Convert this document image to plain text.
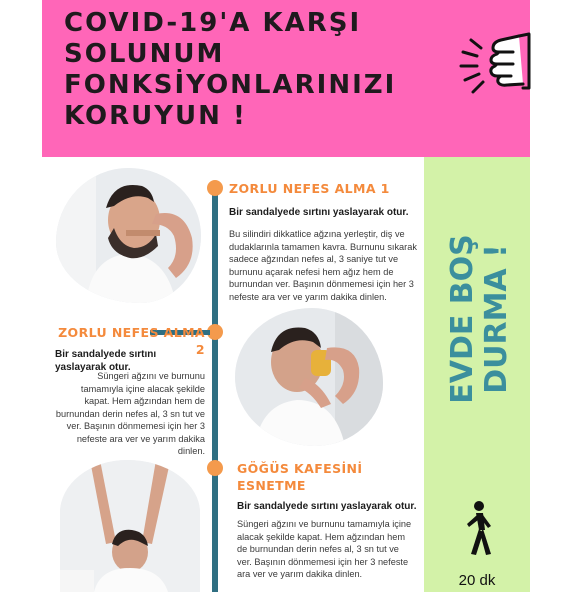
COVID-19'A KARŞI SOLUNUM FONKSİYONLARINIZI KORUYUN !
EVDE BOŞ DURMA !
20 dk
ZORLU NEFES ALMA 1
Bir sandalyede sırtını yaslayarak otur.
Bu silindiri dikkatlice ağzına yerleştir, diş ve dudaklarınla tamamen kavra. Burnunu sıkarak sadece ağzından nefes al, 3 saniye tut ve burnunu açarak nefesi hem ağız hem de burnundan ver. Başının dönmemesi için her 3 nefeste ara ver ve yarım dakika dinlen.
ZORLU NEFES ALMA 2
Bir sandalyede sırtını yaslayarak otur.
Süngeri ağzını ve burnunu tamamıyla içine alacak şekilde kapat. Hem ağzından hem de burnundan derin nefes al, 3 sn tut ve ver. Başının dönmemesi için her 3 nefeste ara ver ve yarım dakika dinlen.
GÖĞÜS KAFESİNİ ESNETME
Bir sandalyede sırtını yaslayarak otur.
Süngeri ağzını ve burnunu tamamıyla içine alacak şekilde kapat. Hem ağzından hem de burnundan derin nefes al, 3 sn tut ve ver. Başının dönmemesi için her 3 nefeste ara ver ve yarım dakika dinlen.
